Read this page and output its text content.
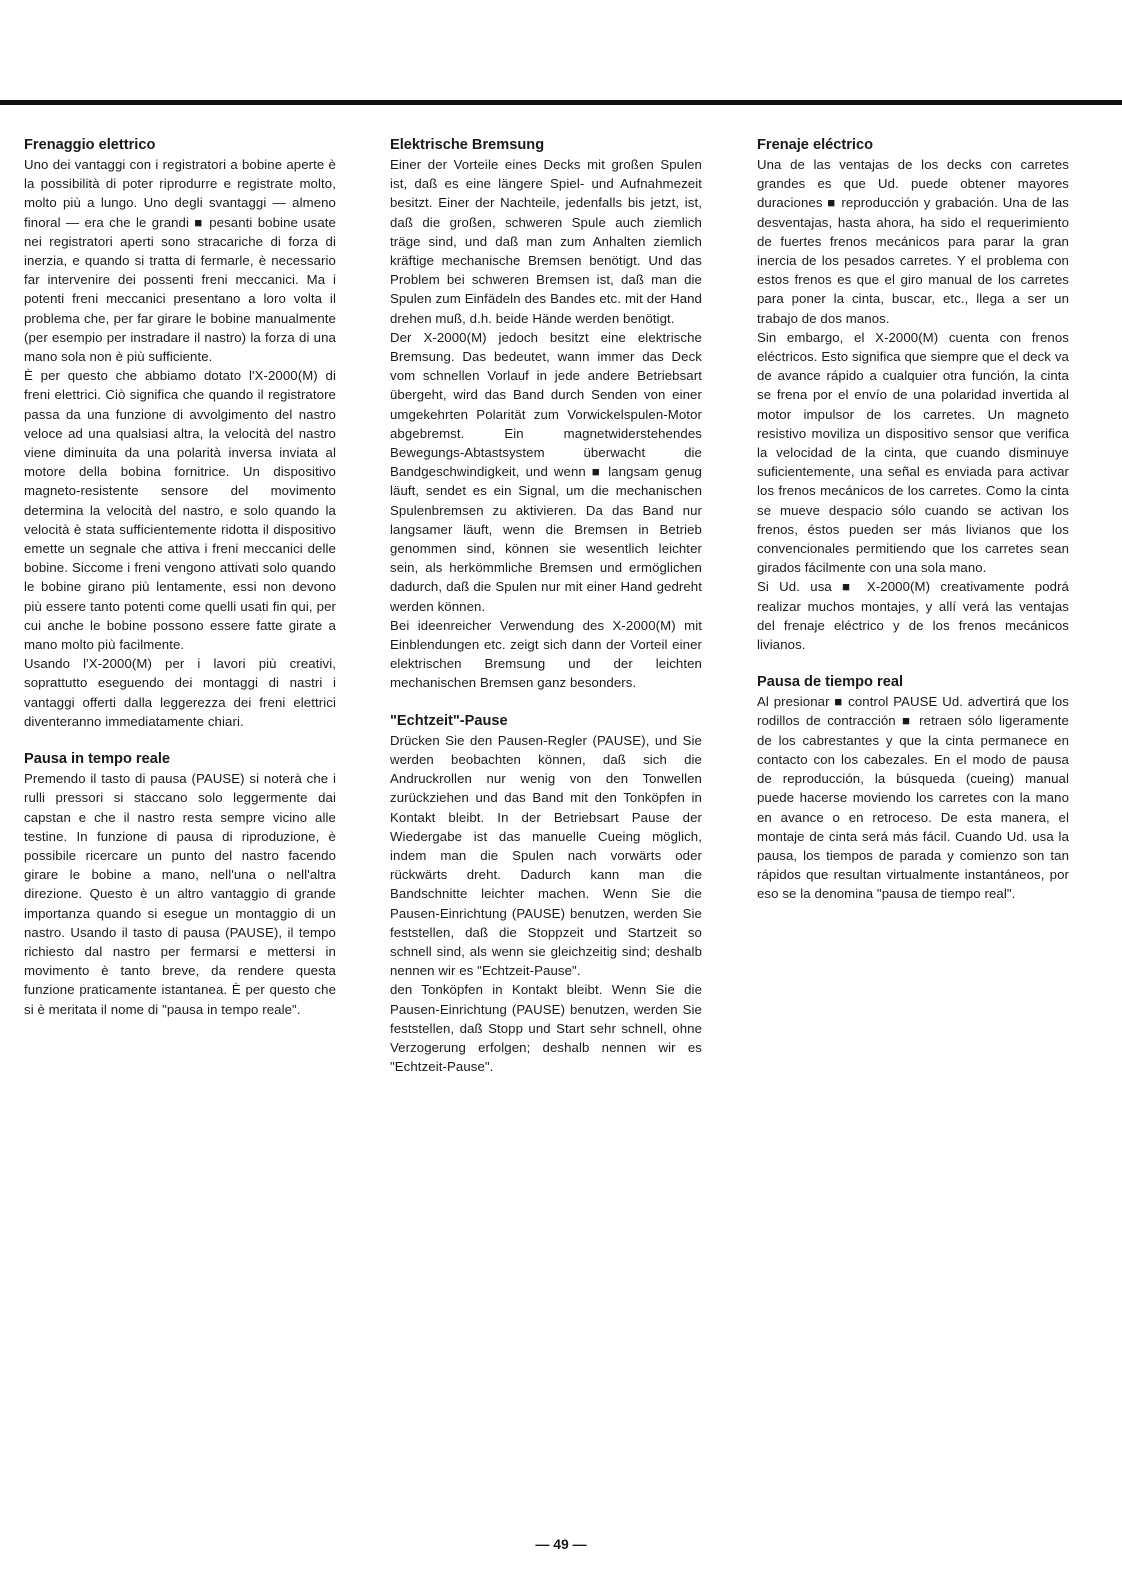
Frenaggio elettrico

Uno dei vantaggi con i registratori a bobine aperte è la possibilità di poter riprodurre e registrate molto, molto più a lungo. Uno degli svantaggi — almeno finoral — era che le grandi ■ pesanti bobine usate nei registratori aperti sono stracariche di forza di inerzia, e quando si tratta di fermarle, è necessario far intervenire dei possenti freni meccanici. Ma i potenti freni meccanici presentano a loro volta il problema che, per far girare le bobine manualmente (per esempio per instradare il nastro) la forza di una mano sola non è più sufficiente.

È per questo che abbiamo dotato l'X-2000(M) di freni elettrici. Ciò significa che quando il registratore passa da una funzione di avvolgimento del nastro veloce ad una qualsiasi altra, la velocità del nastro viene diminuita da una polarità inversa inviata al motore della bobina fornitrice. Un dispositivo magneto-resistente sensore del movimento determina la velocità del nastro, e solo quando la velocità è stata sufficientemente ridotta il dispositivo emette un segnale che attiva i freni meccanici delle bobine. Siccome i freni vengono attivati solo quando le bobine girano più lentamente, essi non devono più essere tanto potenti come quelli usati fin qui, per cui anche le bobine possono essere fatte girate a mano molto più facilmente.

Usando l'X-2000(M) per i lavori più creativi, soprattutto eseguendo dei montaggi di nastri i vantaggi offerti dalla leggerezza dei freni elettrici diventeranno immediatamente chiari.

Pausa in tempo reale

Premendo il tasto di pausa (PAUSE) si noterà che i rulli pressori si staccano solo leggermente dai capstan e che il nastro resta sempre vicino alle testine. In funzione di pausa di riproduzione, è possibile ricercare un punto del nastro facendo girare le bobine a mano, nell'una o nell'altra direzione. Questo è un altro vantaggio di grande importanza quando si esegue un montaggio di un nastro. Usando il tasto di pausa (PAUSE), il tempo richiesto dal nastro per fermarsi e mettersi in movimento è tanto breve, da rendere questa funzione praticamente istantanea. È per questo che si è meritata il nome di "pausa in tempo reale".

Elektrische Bremsung

Einer der Vorteile eines Decks mit großen Spulen ist, daß es eine längere Spiel- und Aufnahmezeit besitzt. Einer der Nachteile, jedenfalls bis jetzt, ist, daß die großen, schweren Spule auch ziemlich träge sind, und daß man zum Anhalten ziemlich kräftige mechanische Bremsen benötigt. Und das Problem bei schweren Bremsen ist, daß man die Spulen zum Einfädeln des Bandes etc. mit der Hand drehen muß, d.h. beide Hände werden benötigt.

Der X-2000(M) jedoch besitzt eine elektrische Bremsung. Das bedeutet, wann immer das Deck vom schnellen Vorlauf in jede andere Betriebsart übergeht, wird das Band durch Senden von einer umgekehrten Polarität zum Vorwickelspulen-Motor abgebremst. Ein magnetwiderstehendes Bewegungs-Abtastsystem überwacht die Bandgeschwindigkeit, und wenn ■ langsam genug läuft, sendet es ein Signal, um die mechanischen Spulenbremsen zu aktivieren. Da das Band nur langsamer läuft, wenn die Bremsen in Betrieb genommen sind, können sie wesentlich leichter sein, als herkömmliche Bremsen und ermöglichen dadurch, daß die Spulen nur mit einer Hand gedreht werden können.

Bei ideenreicher Verwendung des X-2000(M) mit Einblendungen etc. zeigt sich dann der Vorteil einer elektrischen Bremsung und der leichten mechanischen Bremsen ganz besonders.

"Echtzeit"-Pause

Drücken Sie den Pausen-Regler (PAUSE), und Sie werden beobachten können, daß sich die Andruckrollen nur wenig von den Tonwellen zurückziehen und das Band mit den Tonköpfen in Kontakt bleibt. In der Betriebsart Pause der Wiedergabe ist das manuelle Cueing möglich, indem man die Spulen nach vorwärts oder rückwärts dreht. Dadurch kann man die Bandschnitte leichter machen. Wenn Sie die Pausen-Einrichtung (PAUSE) benutzen, werden Sie feststellen, daß die Stoppzeit und Startzeit so schnell sind, als wenn sie gleichzeitig sind; deshalb nennen wir es "Echtzeit-Pause".

den Tonköpfen in Kontakt bleibt. Wenn Sie die Pausen-Einrichtung (PAUSE) benutzen, werden Sie feststellen, daß Stopp und Start sehr schnell, ohne Verzogerung erfolgen; deshalb nennen wir es "Echtzeit-Pause".

Frenaje eléctrico

Una de las ventajas de los decks con carretes grandes es que Ud. puede obtener mayores duraciones ■ reproducción y grabación. Una de las desventajas, hasta ahora, ha sido el requerimiento de fuertes frenos mecánicos para parar la gran inercia de los pesados carretes. Y el problema con estos frenos es que el giro manual de los carretes para poner la cinta, buscar, etc., llega a ser un trabajo de dos manos.

Sin embargo, el X-2000(M) cuenta con frenos eléctricos. Esto significa que siempre que el deck va de avance rápido a cualquier otra función, la cinta se frena por el envío de una polaridad invertida al motor impulsor de los carretes. Un magneto resistivo moviliza un dispositivo sensor que verifica la velocidad de la cinta, que cuando disminuye suficientemente, una señal es enviada para activar los frenos mecánicos de los carretes. Como la cinta se mueve despacio sólo cuando se activan los frenos, éstos pueden ser más livianos que los convencionales permitiendo que los carretes sean girados fácilmente con una sola mano.

Si Ud. usa ■ X-2000(M) creativamente podrá realizar muchos montajes, y allí verá las ventajas del frenaje eléctrico y de los frenos mecánicos livianos.

Pausa de tiempo real

Al presionar ■ control PAUSE Ud. advertirá que los rodillos de contracción ■ retraen sólo ligeramente de los cabrestantes y que la cinta permanece en contacto con los cabezales. En el modo de pausa de reproducción, la búsqueda (cueing) manual puede hacerse moviendo los carretes con la mano en avance o en retroceso. De esta manera, el montaje de cinta será más fácil. Cuando Ud. usa la pausa, los tiempos de parada y comienzo son tan rápidos que resultan virtualmente instantáneos, por eso se la denomina "pausa de tiempo real".

— 49 —
